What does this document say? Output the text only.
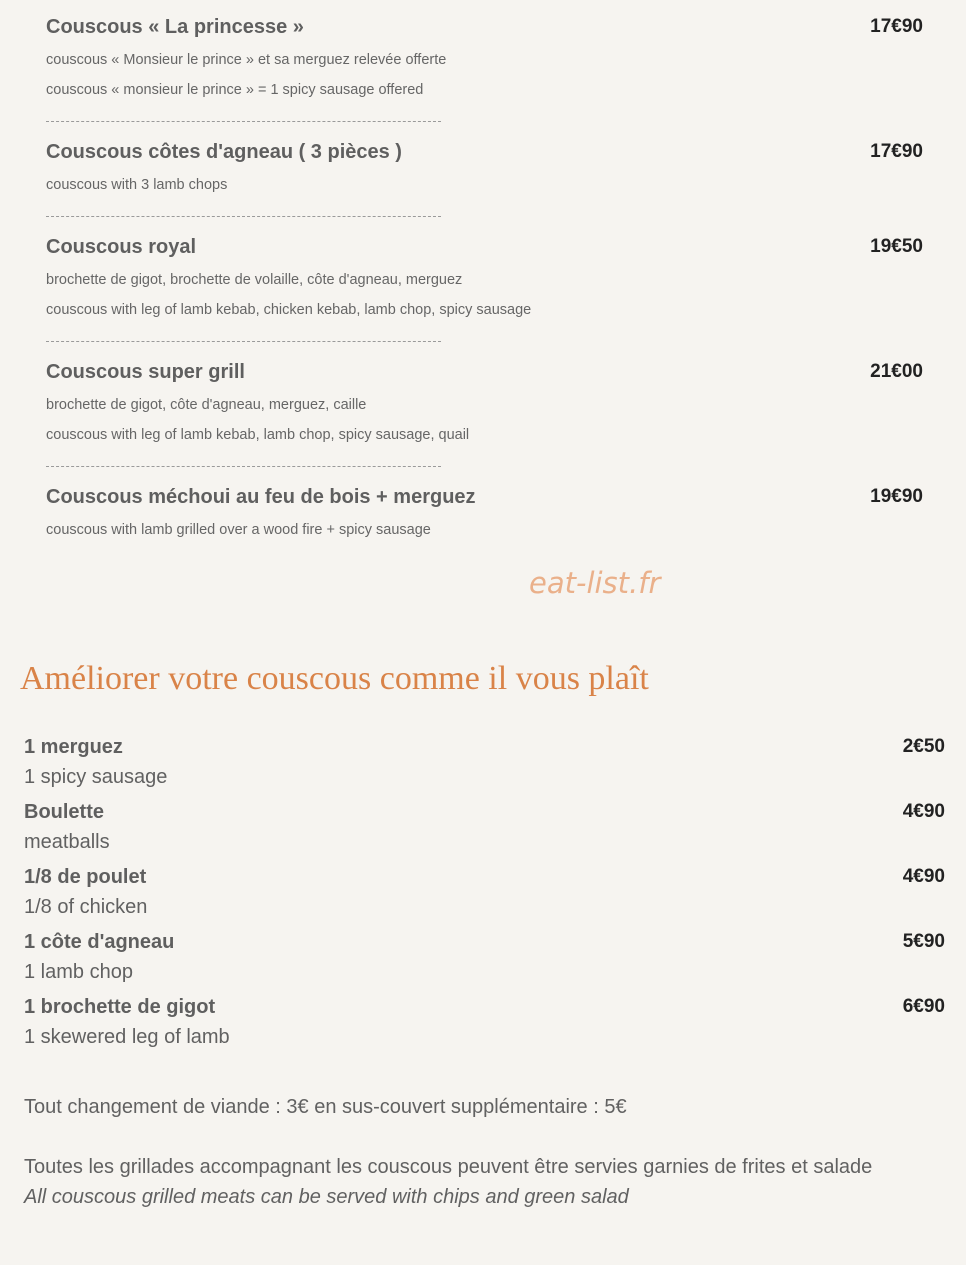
Couscous « La princesse »	17€90
couscous « Monsieur le prince » et sa merguez relevée offerte
couscous « monsieur le prince » = 1 spicy sausage offered
Couscous côtes d'agneau ( 3 pièces )	17€90
couscous with 3 lamb chops
Couscous royal	19€50
brochette de gigot, brochette de volaille, côte d'agneau, merguez
couscous with leg of lamb kebab, chicken kebab, lamb chop, spicy sausage
Couscous super grill	21€00
brochette de gigot, côte d'agneau, merguez, caille
couscous with leg of lamb kebab, lamb chop, spicy sausage, quail
Couscous méchoui au feu de bois + merguez	19€90
couscous with lamb grilled over a wood fire + spicy sausage
eat-list.fr
Améliorer votre couscous comme il vous plaît
1 merguez	2€50
1 spicy sausage
Boulette	4€90
meatballs
1/8 de poulet	4€90
1/8 of chicken
1 côte d'agneau	5€90
1 lamb chop
1 brochette de gigot	6€90
1 skewered leg of lamb
Tout changement de viande : 3€ en sus-couvert supplémentaire : 5€
Toutes les grillades accompagnant les couscous peuvent être servies garnies de frites et salade
All couscous grilled meats can be served with chips and green salad
